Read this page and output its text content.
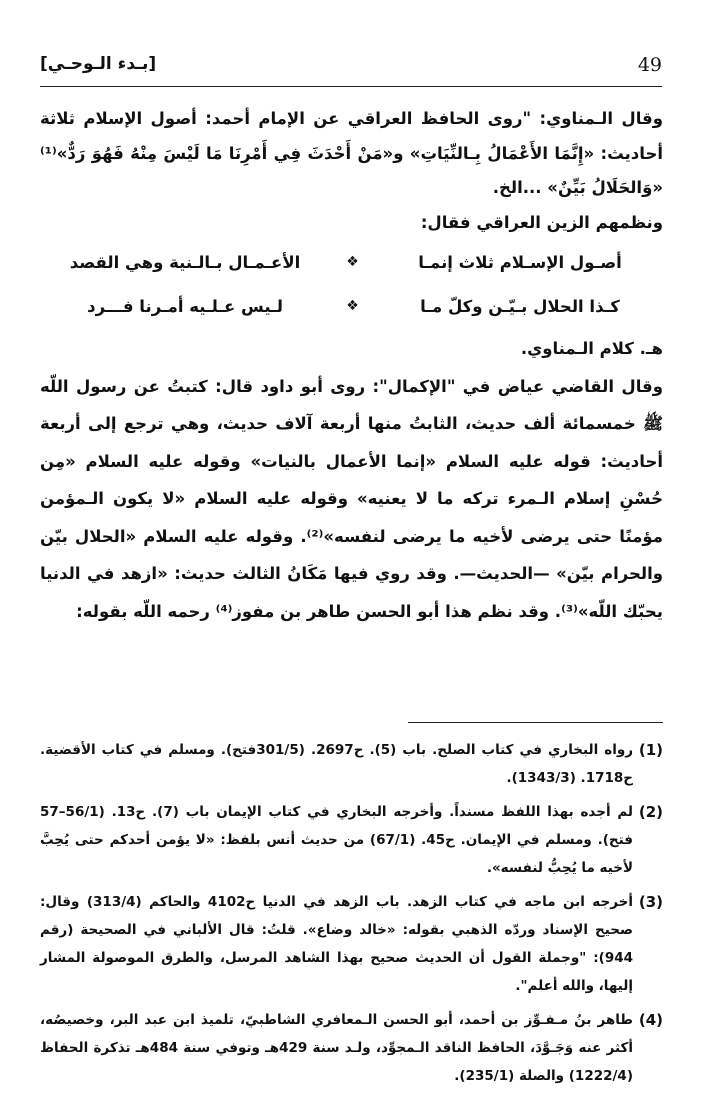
49
[بـدء الـوحـي]

وقال الـمناوي: "روى الحافظ العراقي عن الإمام أحمد: أصول الإسلام ثلاثة أحاديث: «إِنَّمَا الأَعْمَالُ بِـالنِّيَاتِ» و«مَنْ أَحْدَثَ فِي أَمْرِنَا مَا لَيْسَ مِنْهُ فَهُوَ رَدٌّ»⁽¹⁾ «وَالحَلَالُ بَيِّنٌ» ...الخ.

ونظمهم الزين العراقي فقال:

أصـول الإسـلام ثلاث إنمـا
❖
الأعـمـال بـالـنية وهي القصد
كـذا الحلال بـيّـن وكلّ مـا
❖
لـيس عـلـيه أمـرنا فـــرد

هـ. كلام الـمناوي.

وقال القاضي عياض في "الإكمال": روى أبو داود قال: كتبتُ عن رسول اللّه ﷺ خمسمائة ألف حديث، الثابتُ منها أربعة آلاف حديث، وهي ترجع إلى أربعة أحاديث: قوله عليه السلام «إنما الأعمال بالنيات» وقوله عليه السلام «مِن حُسْنِ إسلام الـمرء تركه ما لا يعنيه» وقوله عليه السلام «لا يكون الـمؤمن مؤمنًا حتى يرضى لأخيه ما يرضى لنفسه»⁽²⁾. وقوله عليه السلام «الحلال بيّن والحرام بيّن» —الحديث—. وقد روي فيها مَكَانُ الثالث حديث: «ازهد في الدنيا يحبّك اللّه»⁽³⁾. وقد نظم هذا أبو الحسن طاهر بن مفوز⁽⁴⁾ رحمه اللّه بقوله:

(1)
رواه البخاري في كتاب الصلح. باب (5). ح2697. (301/5فتح). ومسلم في كتاب الأقضية. ح1718. (1343/3).
(2)
لم أجده بهذا اللفظ مسنداً. وأخرجه البخاري في كتاب الإيمان باب (7). ح13. (56/1–57 فتح). ومسلم في الإيمان. ح45. (67/1) من حديث أنس بلفظ: «لا يؤمن أحدكم حتى يُحِبَّ لأخيه ما يُحِبُّ لنفسه».
(3)
أخرجه ابن ماجه في كتاب الزهد. باب الزهد في الدنيا ح4102 والحاكم (313/4) وقال: صحيح الإسناد وردّه الذهبي بقوله: «خالد وضاع». قلتُ: قال الألباني في الصحيحة (رقم 944): "وجملة القول أن الحديث صحيح بهذا الشاهد المرسل، والطرق الموصولة المشار إليها، والله أعلم".
(4)
طاهر بنُ مـفـوِّز بن أحمد، أبو الحسن الـمعافري الشاطبيّ، تلميذ ابن عبد البر، وخصيصُه، أكثر عنه وَجَـوَّدَ، الحافظ الناقد الـمجوِّد، ولـد سنة 429هـ وتوفي سنة 484هـ تذكرة الحفاظ (1222/4) والصلة (235/1).
